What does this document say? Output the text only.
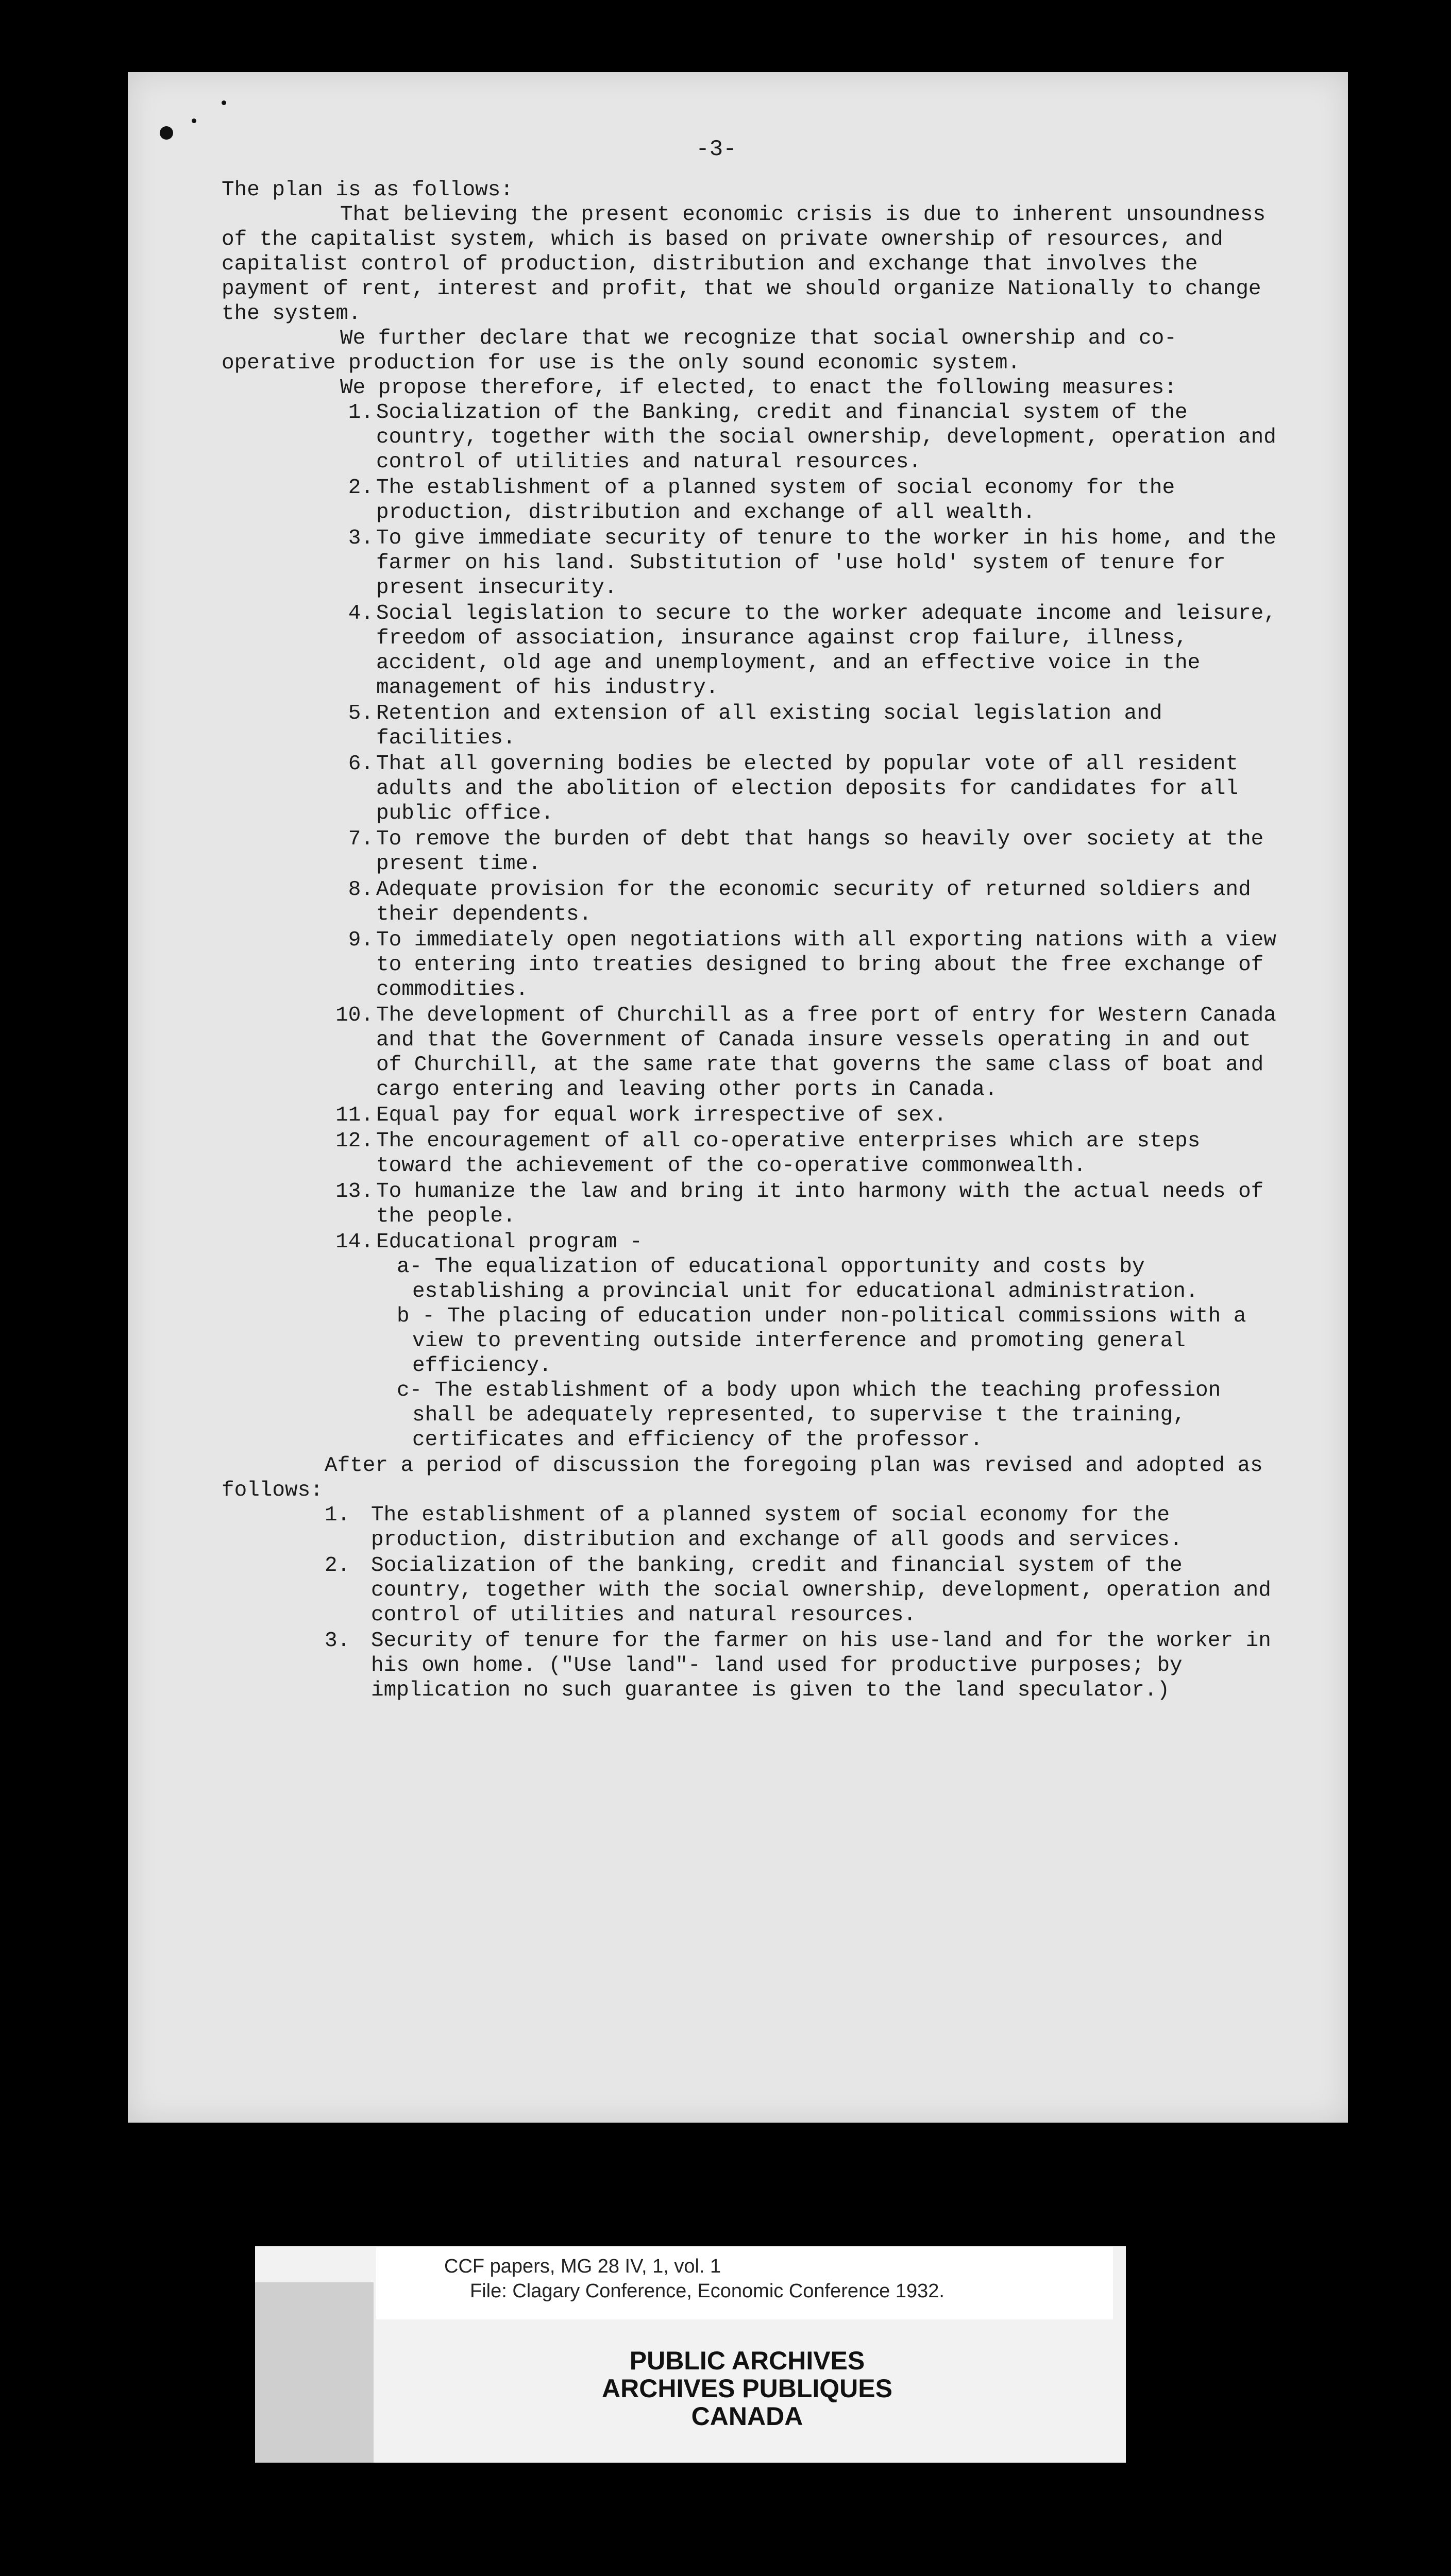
-3-

The plan is as follows:

That believing the present economic crisis is due to inherent unsoundness of the capitalist system, which is based on private ownership of resources, and capitalist control of production, distribution and exchange that involves the payment of rent, interest and profit, that we should organize Nationally to change the system.

We further declare that we recognize that social ownership and co-operative production for use is the only sound economic system.

We propose therefore, if elected, to enact the following measures:

1. Socialization of the Banking, credit and financial system of the country, together with the social ownership, development, operation and control of utilities and natural resources.
2. The establishment of a planned system of social economy for the production, distribution and exchange of all wealth.
3. To give immediate security of tenure to the worker in his home, and the farmer on his land. Substitution of 'use hold' system of tenure for present insecurity.
4. Social legislation to secure to the worker adequate income and leisure, freedom of association, insurance against crop failure, illness, accident, old age and unemployment, and an effective voice in the management of his industry.
5. Retention and extension of all existing social legislation and facilities.
6. That all governing bodies be elected by popular vote of all resident adults and the abolition of election deposits for candidates for all public office.
7. To remove the burden of debt that hangs so heavily over society at the present time.
8. Adequate provision for the economic security of returned soldiers and their dependents.
9. To immediately open negotiations with all exporting nations with a view to entering into treaties designed to bring about the free exchange of commodities.
10. The development of Churchill as a free port of entry for Western Canada and that the Government of Canada insure vessels operating in and out of Churchill, at the same rate that governs the same class of boat and cargo entering and leaving other ports in Canada.
11. Equal pay for equal work irrespective of sex.
12. The encouragement of all co-operative enterprises which are steps toward the achievement of the co-operative commonwealth.
13. To humanize the law and bring it into harmony with the actual needs of the people.
14. Educational program -
a- The equalization of educational opportunity and costs by establishing a provincial unit for educational administration.
b - The placing of education under non-political commissions with a view to preventing outside interference and promoting general efficiency.
c- The establishment of a body upon which the teaching profession shall be adequately represented, to supervise t the training, certificates and efficiency of the professor.

After a period of discussion the foregoing plan was revised and adopted as follows:

1. The establishment of a planned system of social economy for the production, distribution and exchange of all goods and services.
2. Socialization of the banking, credit and financial system of the country, together with the social ownership, development, operation and control of utilities and natural resources.
3. Security of tenure for the farmer on his use-land and for the worker in his own home. ("Use land"- land used for productive purposes; by implication no such guarantee is given to the land speculator.)
CCF papers, MG 28 IV, 1, vol. 1
File: Clagary Conference, Economic Conference 1932.
PUBLIC ARCHIVES
ARCHIVES PUBLIQUES
CANADA
